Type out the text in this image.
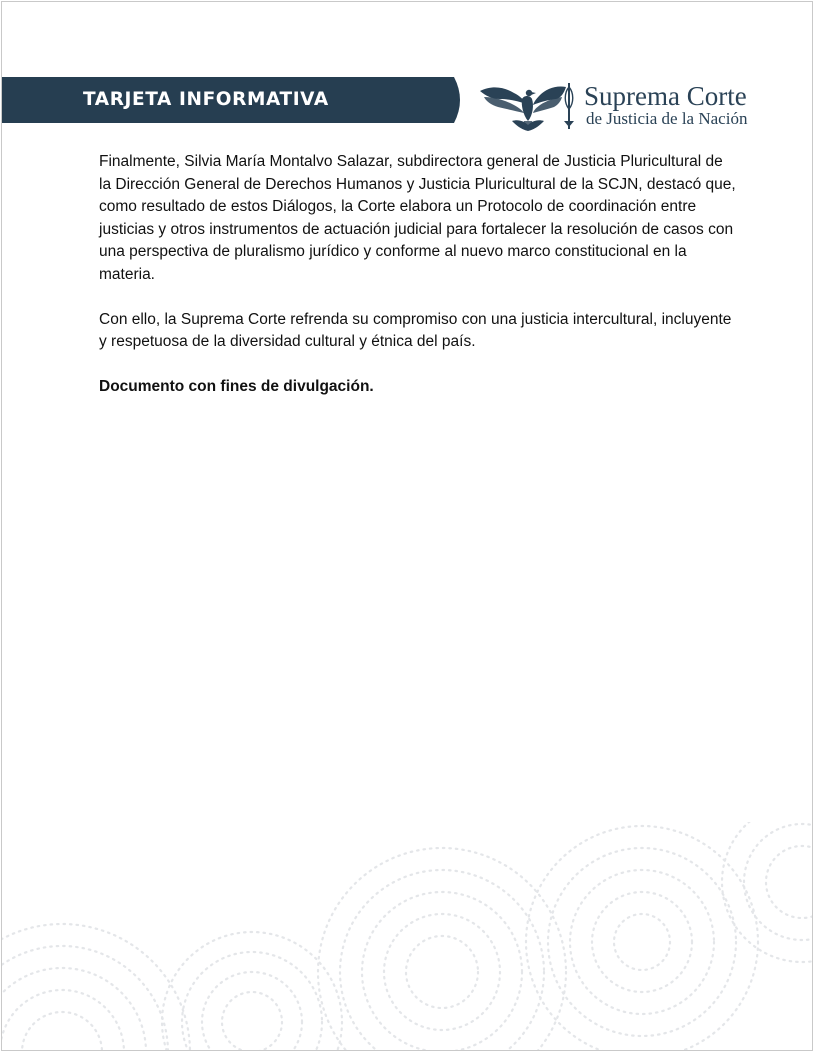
TARJETA INFORMATIVA	Suprema Corte
de Justicia de la Nación

Finalmente, Silvia María Montalvo Salazar, subdirectora general de Justicia Pluricultural de la Dirección General de Derechos Humanos y Justicia Pluricultural de la SCJN, destacó que, como resultado de estos Diálogos, la Corte elabora un Protocolo de coordinación entre justicias y otros instrumentos de actuación judicial para fortalecer la resolución de casos con una perspectiva de pluralismo jurídico y conforme al nuevo marco constitucional en la materia.

Con ello, la Suprema Corte refrenda su compromiso con una justicia intercultural, incluyente y respetuosa de la diversidad cultural y étnica del país.

Documento con fines de divulgación.
